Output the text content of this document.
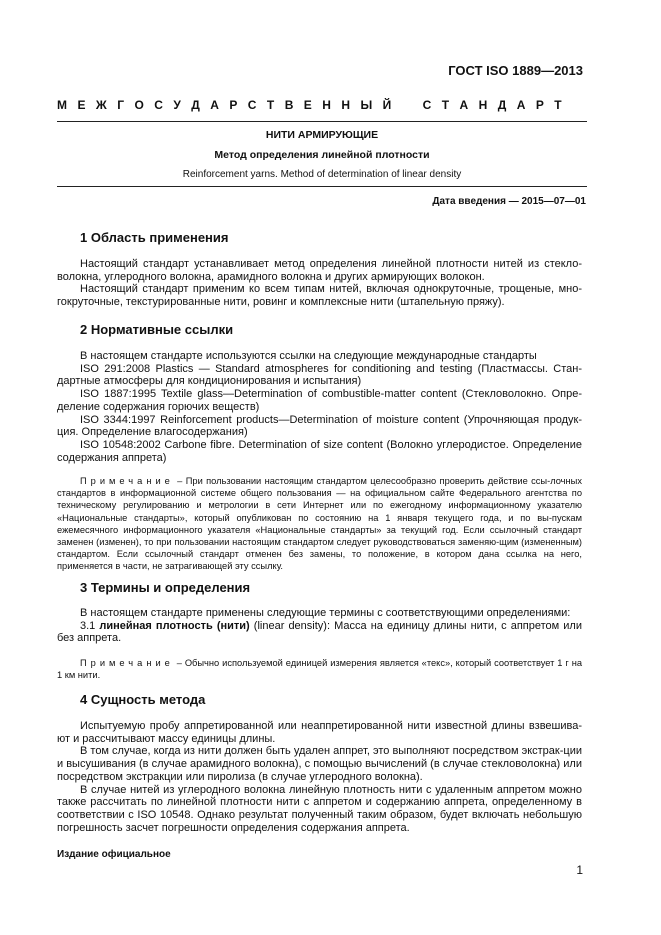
ГОСТ ISO 1889—2013
М Е Ж Г О С У Д А Р С Т В Е Н Н Ы Й	С Т А Н Д А Р Т
НИТИ АРМИРУЮЩИЕ
Метод определения линейной плотности
Reinforcement yarns. Method of determination of linear density
Дата введения — 2015—07—01
1 Область применения

Настоящий стандарт устанавливает метод определения линейной плотности нитей из стекло-волокна, углеродного волокна, арамидного волокна и других армирующих волокон.

Настоящий стандарт применим ко всем типам нитей, включая однокруточные, трощеные, мно-гокруточные, текстурированные нити, ровинг и комплексные нити (штапельную пряжу).

2 Нормативные ссылки

В настоящем стандарте используются ссылки на следующие международные стандарты

ISO 291:2008 Plastics — Standard atmospheres for conditioning and testing (Пластмассы. Стан-дартные атмосферы для кондиционирования и испытания)

ISO 1887:1995 Textile glass—Determination of combustible-matter content (Стекловолокно. Опре-деление содержания горючих веществ)

ISO 3344:1997 Reinforcement products—Determination of moisture content (Упрочняющая продук-ция. Определение влагосодержания)

ISO 10548:2002 Carbone fibre. Determination of size content (Волокно углеродистое. Определение содержания аппрета)

Примечание – При пользовании настоящим стандартом целесообразно проверить действие ссы-лочных стандартов в информационной системе общего пользования — на официальном сайте Федерального агентства по техническому регулированию и метрологии в сети Интернет или по ежегодному информационному указателю «Национальные стандарты», который опубликован по состоянию на 1 января текущего года, и по вы-пускам ежемесячного информационного указателя «Национальные стандарты» за текущий год. Если ссылочный стандарт заменен (изменен), то при пользовании настоящим стандартом следует руководствоваться заменяю-щим (измененным) стандартом. Если ссылочный стандарт отменен без замены, то положение, в котором дана ссылка на него, применяется в части, не затрагивающей эту ссылку.

3 Термины и определения

В настоящем стандарте применены следующие термины с соответствующими определениями:

3.1 линейная плотность (нити) (linear density): Масса на единицу длины нити, с аппретом или без аппрета.

Примечание – Обычно используемой единицей измерения является «текс», который соответствует 1 г на 1 км нити.

4 Сущность метода

Испытуемую пробу аппретированной или неаппретированной нити известной длины взвешива-ют и рассчитывают массу единицы длины.

В том случае, когда из нити должен быть удален аппрет, это выполняют посредством экстрак-ции и высушивания (в случае арамидного волокна), с помощью вычислений (в случае стекловолокна) или посредством экстракции или пиролиза (в случае углеродного волокна).

В случае нитей из углеродного волокна линейную плотность нити с удаленным аппретом можно также рассчитать по линейной плотности нити с аппретом и содержанию аппрета, определенному в соответствии с ISO 10548. Однако результат полученный таким образом, будет включать небольшую погрешность засчет погрешности определения содержания аппрета.

Издание официальное
1
